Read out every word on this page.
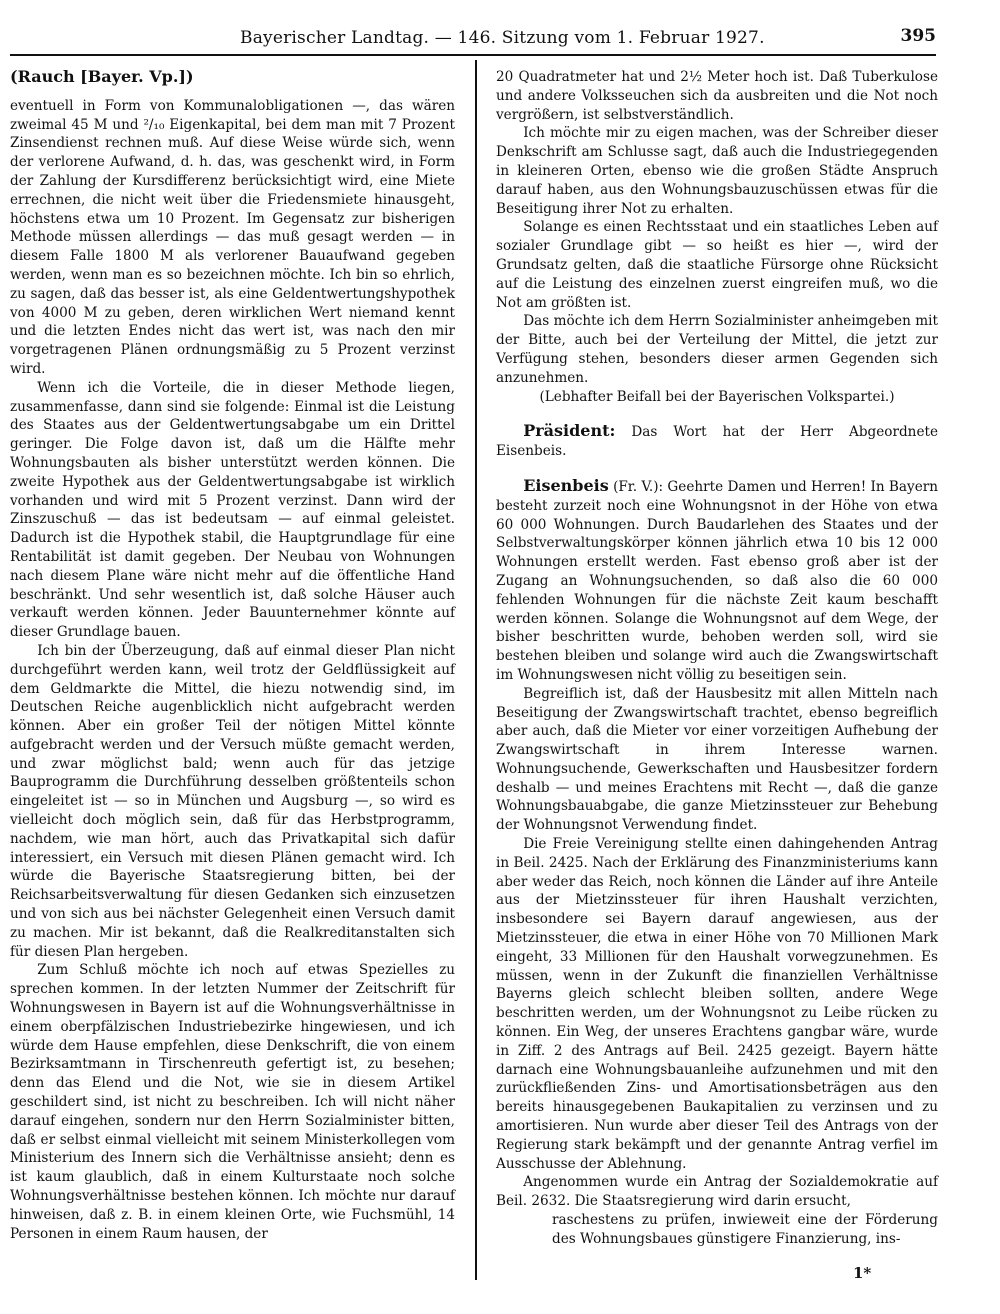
Bayerischer Landtag. — 146. Sitzung vom 1. Februar 1927.	395

(Rauch [Bayer. Vp.])

eventuell in Form von Kommunalobligationen —, das wären zweimal 45 M und ²/₁₀ Eigenkapital, bei dem man mit 7 Prozent Zinsendienst rechnen muß. Auf diese Weise würde sich, wenn der verlorene Aufwand, d. h. das, was geschenkt wird, in Form der Zahlung der Kursdifferenz berücksichtigt wird, eine Miete errechnen, die nicht weit über die Friedensmiete hinausgeht, höchstens etwa um 10 Prozent. Im Gegensatz zur bisherigen Methode müssen allerdings — das muß gesagt werden — in diesem Falle 1800 M als verlorener Bauaufwand gegeben werden, wenn man es so bezeichnen möchte. Ich bin so ehrlich, zu sagen, daß das besser ist, als eine Geldentwertungshypothek von 4000 M zu geben, deren wirklichen Wert niemand kennt und die letzten Endes nicht das wert ist, was nach den mir vorgetragenen Plänen ordnungsmäßig zu 5 Prozent verzinst wird.

Wenn ich die Vorteile, die in dieser Methode liegen, zusammenfasse, dann sind sie folgende: Einmal ist die Leistung des Staates aus der Geldentwertungsabgabe um ein Drittel geringer. Die Folge davon ist, daß um die Hälfte mehr Wohnungsbauten als bisher unterstützt werden können. Die zweite Hypothek aus der Geldentwertungsabgabe ist wirklich vorhanden und wird mit 5 Prozent verzinst. Dann wird der Zinszuschuß — das ist bedeutsam — auf einmal geleistet. Dadurch ist die Hypothek stabil, die Hauptgrundlage für eine Rentabilität ist damit gegeben. Der Neubau von Wohnungen nach diesem Plane wäre nicht mehr auf die öffentliche Hand beschränkt. Und sehr wesentlich ist, daß solche Häuser auch verkauft werden können. Jeder Bauunternehmer könnte auf dieser Grundlage bauen.

Ich bin der Überzeugung, daß auf einmal dieser Plan nicht durchgeführt werden kann, weil trotz der Geldflüssigkeit auf dem Geldmarkte die Mittel, die hiezu notwendig sind, im Deutschen Reiche augenblicklich nicht aufgebracht werden können. Aber ein großer Teil der nötigen Mittel könnte aufgebracht werden und der Versuch müßte gemacht werden, und zwar möglichst bald; wenn auch für das jetzige Bauprogramm die Durchführung desselben größtenteils schon eingeleitet ist — so in München und Augsburg —, so wird es vielleicht doch möglich sein, daß für das Herbstprogramm, nachdem, wie man hört, auch das Privatkapital sich dafür interessiert, ein Versuch mit diesen Plänen gemacht wird. Ich würde die Bayerische Staatsregierung bitten, bei der Reichsarbeitsverwaltung für diesen Gedanken sich einzusetzen und von sich aus bei nächster Gelegenheit einen Versuch damit zu machen. Mir ist bekannt, daß die Realkreditanstalten sich für diesen Plan hergeben.

Zum Schluß möchte ich noch auf etwas Spezielles zu sprechen kommen. In der letzten Nummer der Zeitschrift für Wohnungswesen in Bayern ist auf die Wohnungsverhältnisse in einem oberpfälzischen Industriebezirke hingewiesen, und ich würde dem Hause empfehlen, diese Denkschrift, die von einem Bezirksamtmann in Tirschenreuth gefertigt ist, zu besehen; denn das Elend und die Not, wie sie in diesem Artikel geschildert sind, ist nicht zu beschreiben. Ich will nicht näher darauf eingehen, sondern nur den Herrn Sozialminister bitten, daß er selbst einmal vielleicht mit seinem Ministerkollegen vom Ministerium des Innern sich die Verhältnisse ansieht; denn es ist kaum glaublich, daß in einem Kulturstaate noch solche Wohnungsverhältnisse bestehen können. Ich möchte nur darauf hinweisen, daß z. B. in einem kleinen Orte, wie Fuchsmühl, 14 Personen in einem Raum hausen, der

20 Quadratmeter hat und 2½ Meter hoch ist. Daß Tuberkulose und andere Volksseuchen sich da ausbreiten und die Not noch vergrößern, ist selbstverständlich.

Ich möchte mir zu eigen machen, was der Schreiber dieser Denkschrift am Schlusse sagt, daß auch die Industriegegenden in kleineren Orten, ebenso wie die großen Städte Anspruch darauf haben, aus den Wohnungsbauzuschüssen etwas für die Beseitigung ihrer Not zu erhalten.

Solange es einen Rechtsstaat und ein staatliches Leben auf sozialer Grundlage gibt — so heißt es hier —, wird der Grundsatz gelten, daß die staatliche Fürsorge ohne Rücksicht auf die Leistung des einzelnen zuerst eingreifen muß, wo die Not am größten ist.

Das möchte ich dem Herrn Sozialminister anheimgeben mit der Bitte, auch bei der Verteilung der Mittel, die jetzt zur Verfügung stehen, besonders dieser armen Gegenden sich anzunehmen.

(Lebhafter Beifall bei der Bayerischen Volkspartei.)

Präsident: Das Wort hat der Herr Abgeordnete Eisenbeis.

Eisenbeis (Fr. V.): Geehrte Damen und Herren! In Bayern besteht zurzeit noch eine Wohnungsnot in der Höhe von etwa 60 000 Wohnungen. Durch Baudarlehen des Staates und der Selbstverwaltungskörper können jährlich etwa 10 bis 12 000 Wohnungen erstellt werden. Fast ebenso groß aber ist der Zugang an Wohnungsuchenden, so daß also die 60 000 fehlenden Wohnungen für die nächste Zeit kaum beschafft werden können. Solange die Wohnungsnot auf dem Wege, der bisher beschritten wurde, behoben werden soll, wird sie bestehen bleiben und solange wird auch die Zwangswirtschaft im Wohnungswesen nicht völlig zu beseitigen sein.

Begreiflich ist, daß der Hausbesitz mit allen Mitteln nach Beseitigung der Zwangswirtschaft trachtet, ebenso begreiflich aber auch, daß die Mieter vor einer vorzeitigen Aufhebung der Zwangswirtschaft in ihrem Interesse warnen. Wohnungsuchende, Gewerkschaften und Hausbesitzer fordern deshalb — und meines Erachtens mit Recht —, daß die ganze Wohnungsbauabgabe, die ganze Mietzinssteuer zur Behebung der Wohnungsnot Verwendung findet.

Die Freie Vereinigung stellte einen dahingehenden Antrag in Beil. 2425. Nach der Erklärung des Finanzministeriums kann aber weder das Reich, noch können die Länder auf ihre Anteile aus der Mietzinssteuer für ihren Haushalt verzichten, insbesondere sei Bayern darauf angewiesen, aus der Mietzinssteuer, die etwa in einer Höhe von 70 Millionen Mark eingeht, 33 Millionen für den Haushalt vorwegzunehmen. Es müssen, wenn in der Zukunft die finanziellen Verhältnisse Bayerns gleich schlecht bleiben sollten, andere Wege beschritten werden, um der Wohnungsnot zu Leibe rücken zu können. Ein Weg, der unseres Erachtens gangbar wäre, wurde in Ziff. 2 des Antrags auf Beil. 2425 gezeigt. Bayern hätte darnach eine Wohnungsbauanleihe aufzunehmen und mit den zurückfließenden Zins- und Amortisationsbeträgen aus den bereits hinausgegebenen Baukapitalien zu verzinsen und zu amortisieren. Nun wurde aber dieser Teil des Antrags von der Regierung stark bekämpft und der genannte Antrag verfiel im Ausschusse der Ablehnung.

Angenommen wurde ein Antrag der Sozialdemokratie auf Beil. 2632. Die Staatsregierung wird darin ersucht,

raschestens zu prüfen, inwieweit eine der Förderung des Wohnungsbaues günstigere Finanzierung, ins-

1*
